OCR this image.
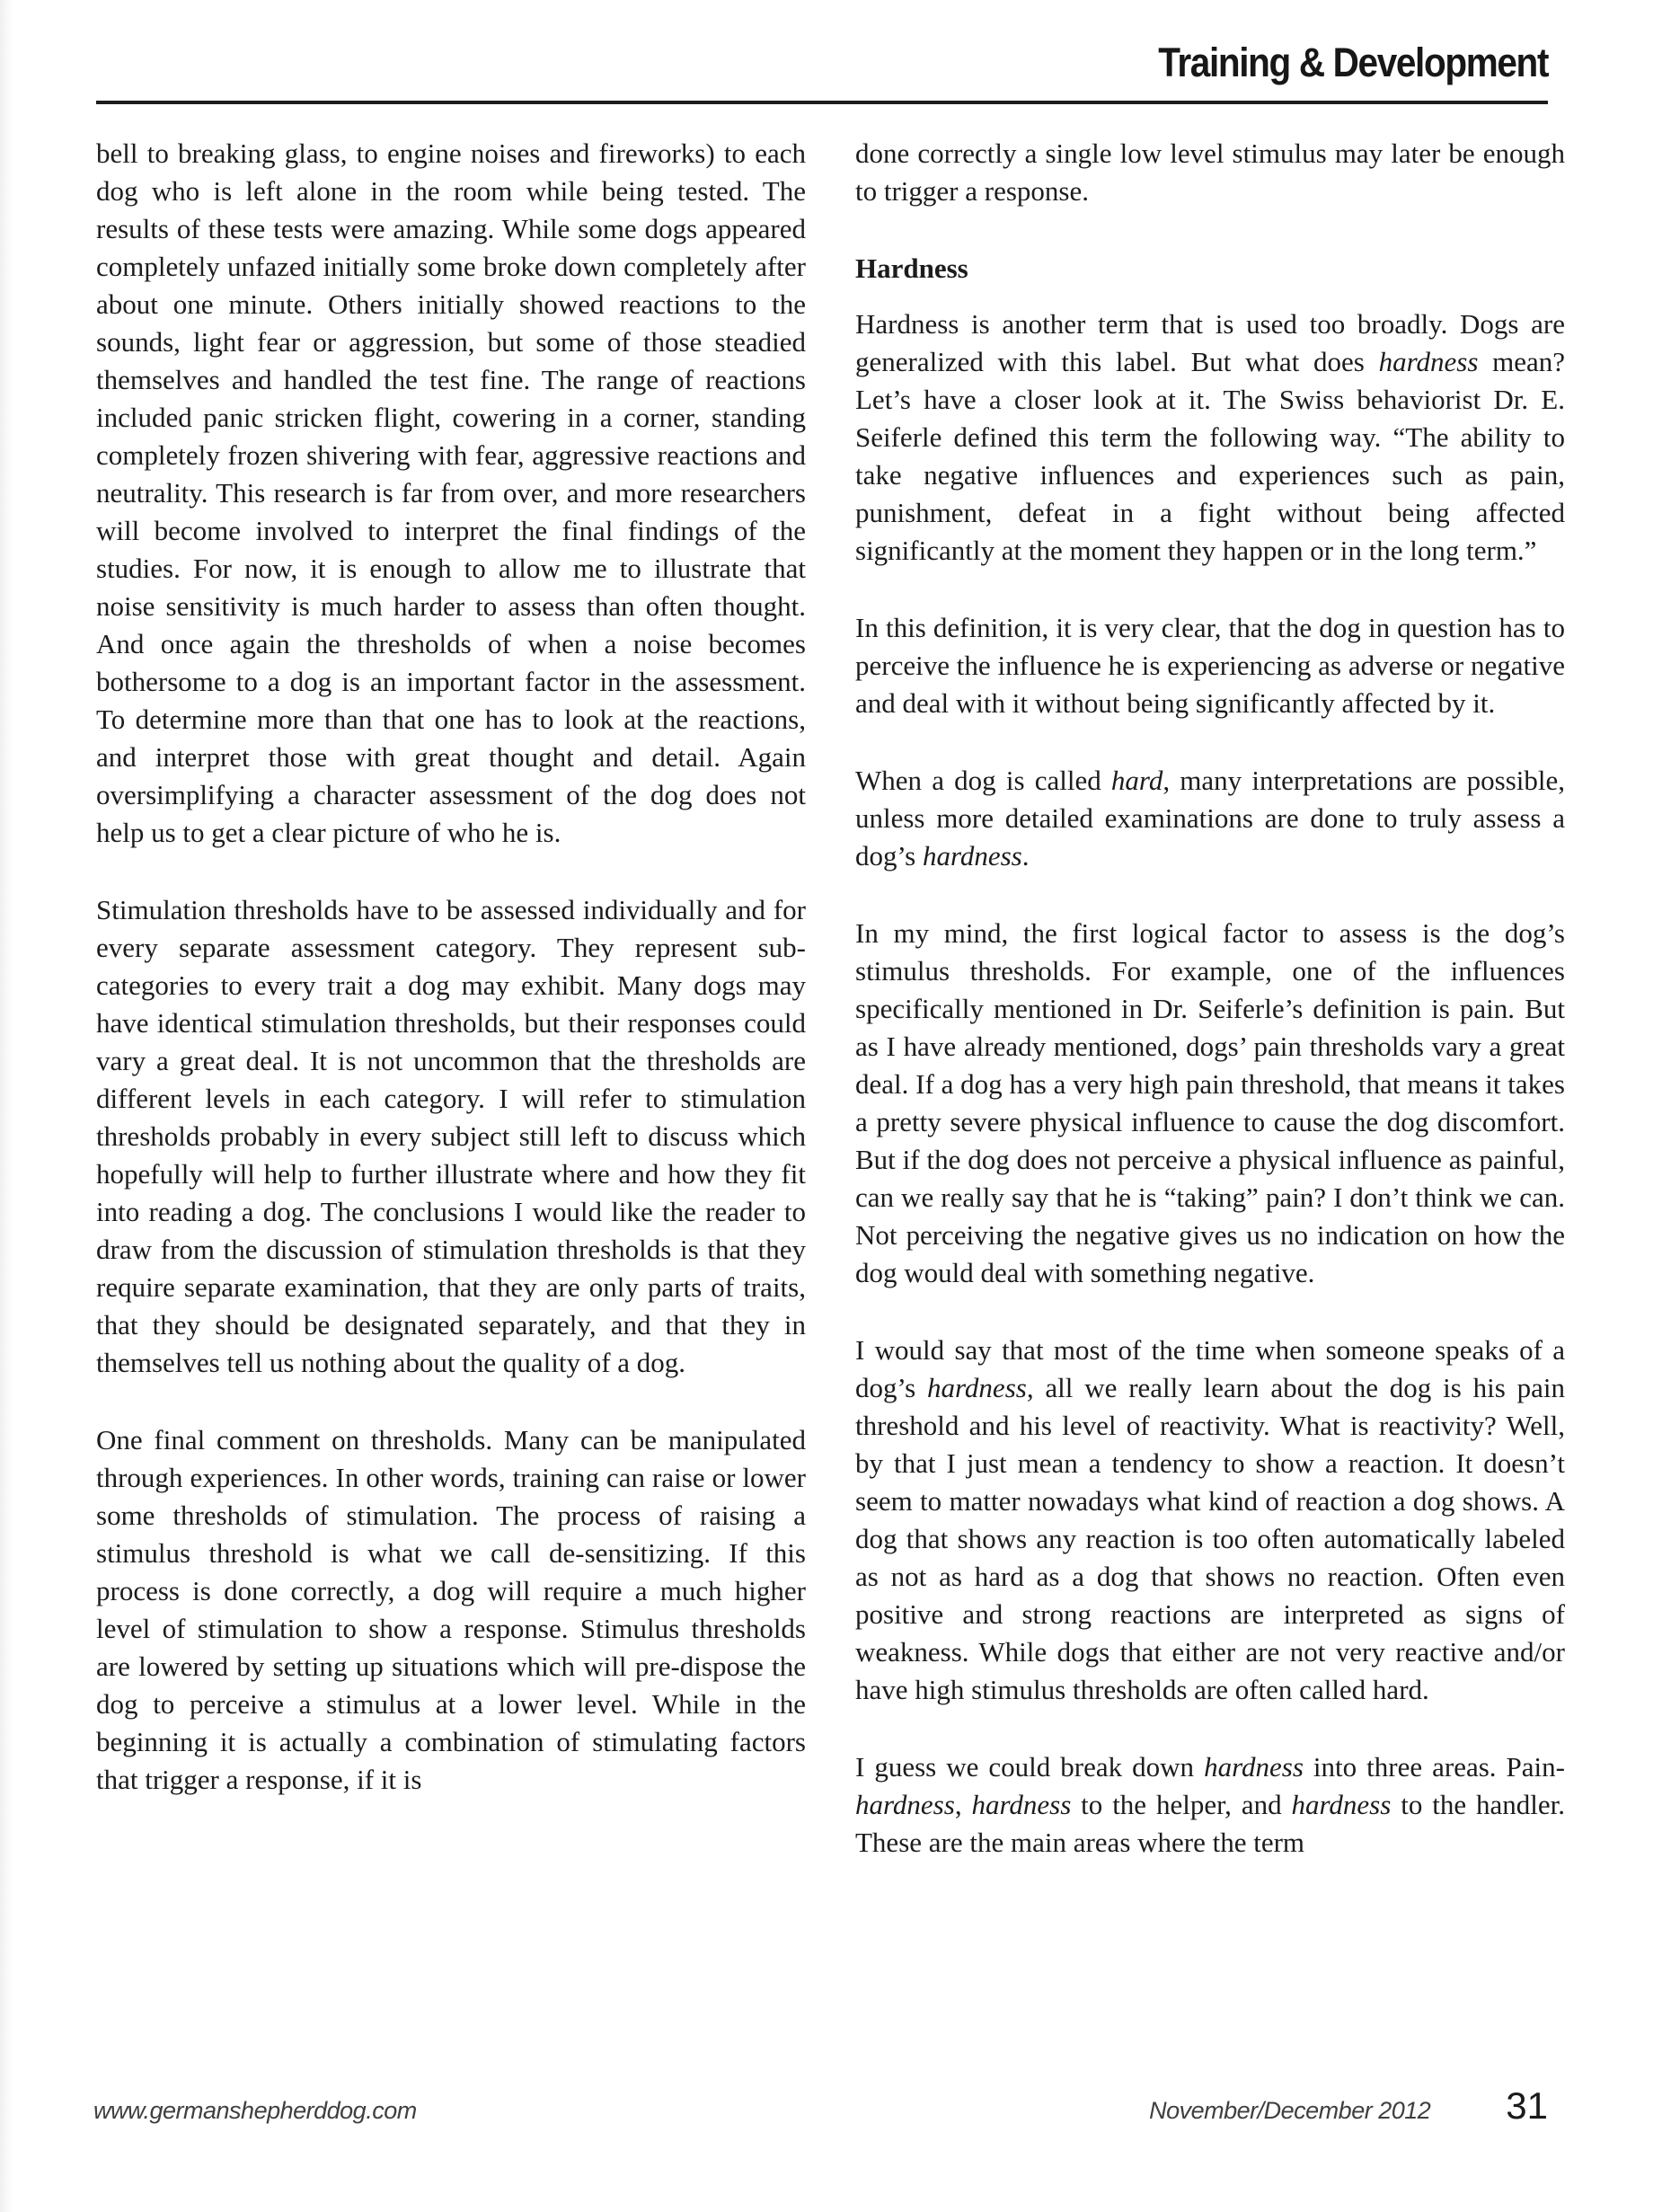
Training & Development

bell to breaking glass, to engine noises and fireworks) to each dog who is left alone in the room while being tested. The results of these tests were amazing. While some dogs appeared completely unfazed initially some broke down completely after about one minute. Others initially showed reactions to the sounds, light fear or aggression, but some of those steadied themselves and handled the test fine. The range of reactions included panic stricken flight, cowering in a corner, standing completely frozen shivering with fear, aggressive reactions and neutrality. This research is far from over, and more researchers will become involved to interpret the final findings of the studies. For now, it is enough to allow me to illustrate that noise sensitivity is much harder to assess than often thought. And once again the thresholds of when a noise becomes bothersome to a dog is an important factor in the assessment. To determine more than that one has to look at the reactions, and interpret those with great thought and detail. Again oversimplifying a character assessment of the dog does not help us to get a clear picture of who he is.

Stimulation thresholds have to be assessed individually and for every separate assessment category. They represent sub-categories to every trait a dog may exhibit. Many dogs may have identical stimulation thresholds, but their responses could vary a great deal. It is not uncommon that the thresholds are different levels in each category. I will refer to stimulation thresholds probably in every subject still left to discuss which hopefully will help to further illustrate where and how they fit into reading a dog. The conclusions I would like the reader to draw from the discussion of stimulation thresholds is that they require separate examination, that they are only parts of traits, that they should be designated separately, and that they in themselves tell us nothing about the quality of a dog.

One final comment on thresholds. Many can be manipulated through experiences. In other words, training can raise or lower some thresholds of stimulation. The process of raising a stimulus threshold is what we call de-sensitizing. If this process is done correctly, a dog will require a much higher level of stimulation to show a response. Stimulus thresholds are lowered by setting up situations which will pre-dispose the dog to perceive a stimulus at a lower level. While in the beginning it is actually a combination of stimulating factors that trigger a response, if it is

done correctly a single low level stimulus may later be enough to trigger a response.

Hardness

Hardness is another term that is used too broadly. Dogs are generalized with this label. But what does hardness mean? Let’s have a closer look at it. The Swiss behaviorist Dr. E. Seiferle defined this term the following way. “The ability to take negative influences and experiences such as pain, punishment, defeat in a fight without being affected significantly at the moment they happen or in the long term.”

In this definition, it is very clear, that the dog in question has to perceive the influence he is experiencing as adverse or negative and deal with it without being significantly affected by it.

When a dog is called hard, many interpretations are possible, unless more detailed examinations are done to truly assess a dog’s hardness.

In my mind, the first logical factor to assess is the dog’s stimulus thresholds. For example, one of the influences specifically mentioned in Dr. Seiferle’s definition is pain. But as I have already mentioned, dogs’ pain thresholds vary a great deal. If a dog has a very high pain threshold, that means it takes a pretty severe physical influence to cause the dog discomfort. But if the dog does not perceive a physical influence as painful, can we really say that he is “taking” pain? I don’t think we can. Not perceiving the negative gives us no indication on how the dog would deal with something negative.

I would say that most of the time when someone speaks of a dog’s hardness, all we really learn about the dog is his pain threshold and his level of reactivity. What is reactivity? Well, by that I just mean a tendency to show a reaction. It doesn’t seem to matter nowadays what kind of reaction a dog shows. A dog that shows any reaction is too often automatically labeled as not as hard as a dog that shows no reaction. Often even positive and strong reactions are interpreted as signs of weakness. While dogs that either are not very reactive and/or have high stimulus thresholds are often called hard.

I guess we could break down hardness into three areas. Pain-hardness, hardness to the helper, and hardness to the handler. These are the main areas where the term

www.germanshepherddog.com	November/December 2012 31
